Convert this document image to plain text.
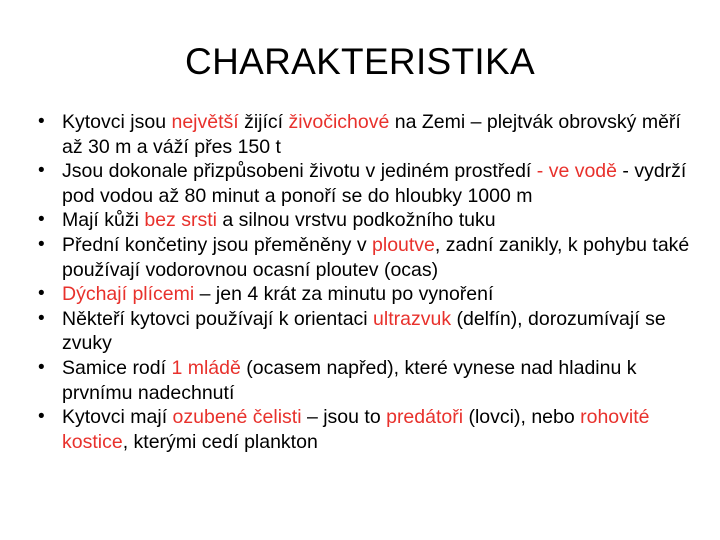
CHARAKTERISTIKA
• Kytovci jsou největší žijící živočichové na Zemi – plejtvák obrovský měří až 30 m a váží přes 150 t
• Jsou dokonale přizpůsobeni životu v jediném prostředí - ve vodě - vydrží pod vodou až 80 minut a ponoří se do hloubky 1000 m
• Mají kůži bez srsti a silnou vrstvu podkožního tuku
• Přední končetiny jsou přeměněny v ploutve, zadní zanikly, k pohybu také používají vodorovnou ocasní ploutev (ocas)
• Dýchají plícemi – jen 4 krát za minutu po vynoření
• Někteří kytovci používají k orientaci ultrazvuk (delfín), dorozumívají se zvuky
• Samice rodí 1 mládě (ocasem napřed), které vynese nad hladinu k prvnímu nadechnutí
• Kytovci mají ozubené čelisti – jsou to predátoři (lovci), nebo rohovité kostice, kterými cedí plankton
